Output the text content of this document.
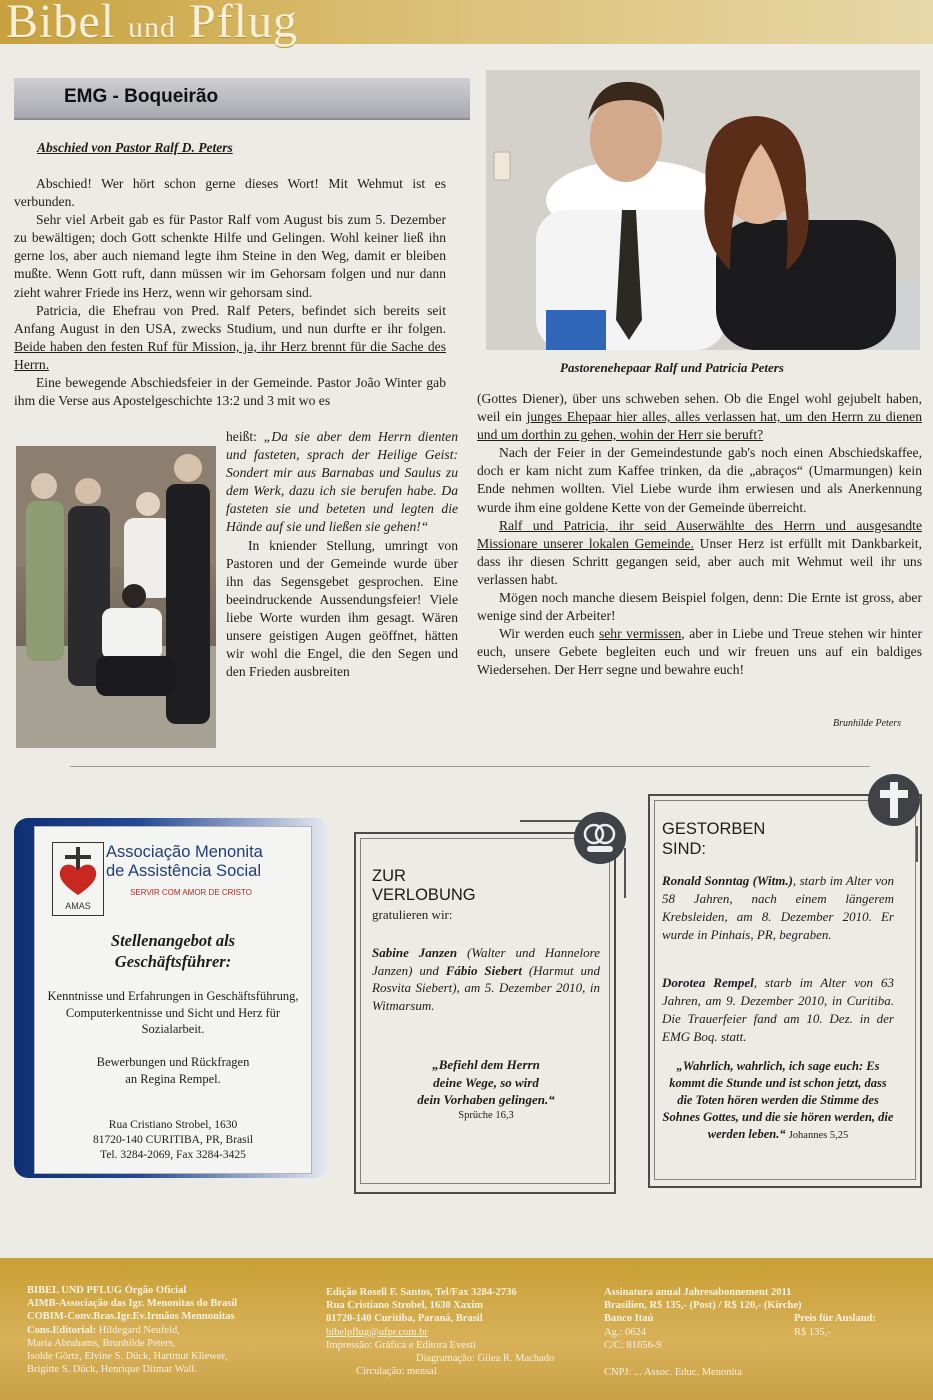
Bibel und Pflug
EMG - Boqueirão
Abschied von Pastor Ralf D. Peters

Abschied! Wer hört schon gerne dieses Wort! Mit Wehmut ist es verbunden.

Sehr viel Arbeit gab es für Pastor Ralf vom August bis zum 5. Dezember zu bewältigen; doch Gott schenkte Hilfe und Gelingen. Wohl keiner ließ ihn gerne los, aber auch niemand legte ihm Steine in den Weg, damit er bleiben mußte. Wenn Gott ruft, dann müssen wir im Gehorsam folgen und nur dann zieht wahrer Friede ins Herz, wenn wir gehorsam sind.

Patricia, die Ehefrau von Pred. Ralf Peters, befindet sich bereits seit Anfang August in den USA, zwecks Studium, und nun durfte er ihr folgen. Beide haben den festen Ruf für Mission, ja, ihr Herz brennt für die Sache des Herrn.

Eine bewegende Abschiedsfeier in der Gemeinde. Pastor João Winter gab ihm die Verse aus Apostelgeschichte 13:2 und 3 mit wo es

heißt: „Da sie aber dem Herrn dienten und fasteten, sprach der Heilige Geist: Sondert mir aus Barnabas und Saulus zu dem Werk, dazu ich sie berufen habe. Da fasteten sie und beteten und legten die Hände auf sie und ließen sie gehen!“

In kniender Stellung, umringt von Pastoren und der Gemeinde wurde über ihn das Segensgebet gesprochen. Eine beeindruckende Aussendungsfeier! Viele liebe Worte wurden ihm gesagt. Wären unsere geistigen Augen geöffnet, hätten wir wohl die Engel, die den Segen und den Frieden ausbreiten

Pastorenehepaar Ralf und Patricia Peters

(Gottes Diener), über uns schweben sehen. Ob die Engel wohl gejubelt haben, weil ein junges Ehepaar hier alles, alles verlassen hat, um den Herrn zu dienen und um dorthin zu gehen, wohin der Herr sie beruft?

Nach der Feier in der Gemeindestunde gab's noch einen Abschiedskaffee, doch er kam nicht zum Kaffee trinken, da die „abraços“ (Umarmungen) kein Ende nehmen wollten. Viel Liebe wurde ihm erwiesen und als Anerkennung wurde ihm eine goldene Kette von der Gemeinde überreicht.

Ralf und Patricia, ihr seid Auserwählte des Herrn und ausgesandte Missionare unserer lokalen Gemeinde. Unser Herz ist erfüllt mit Dankbarkeit, dass ihr diesen Schritt gegangen seid, aber auch mit Wehmut weil ihr uns verlassen habt.

Mögen noch manche diesem Beispiel folgen, denn: Die Ernte ist gross, aber wenige sind der Arbeiter!

Wir werden euch sehr vermissen, aber in Liebe und Treue stehen wir hinter euch, unsere Gebete begleiten euch und wir freuen uns auf ein baldiges Wiedersehen. Der Herr segne und bewahre euch!

Brunhilde Peters
AMAS
Associação Menonita
de Assistência Social
SERVIR COM AMOR DE CRISTO
Stellenangebot als
Geschäftsführer:
Kenntnisse und Erfahrungen in Geschäftsführung, Computerkentnisse und Sicht und Herz für Sozialarbeit.
Bewerbungen und Rückfragen
an Regina Rempel.
Rua Cristiano Strobel, 1630
81720-140 CURITIBA, PR, Brasil
Tel. 3284-2069, Fax 3284-3425
ZUR
VERLOBUNG
gratulieren wir:
Sabine Janzen (Walter und Hannelore Janzen) und Fábio Siebert (Harmut und Rosvita Siebert), am 5. Dezember 2010, in Witmarsum.
„Befiehl dem Herrn
deine Wege, so wird
dein Vorhaben gelingen.“
Sprüche 16,3
GESTORBEN
SIND:
Ronald Sonntag (Witm.), starb im Alter von 58 Jahren, nach einem längerem Krebsleiden, am 8. Dezember 2010. Er wurde in Pinhais, PR, begraben.
Dorotea Rempel, starb im Alter von 63 Jahren, am 9. Dezember 2010, in Curitiba. Die Trauerfeier fand am 10. Dez. in der EMG Boq. statt.
„Wahrlich, wahrlich, ich sage euch: Es kommt die Stunde und ist schon jetzt, dass die Toten hören werden die Stimme des Sohnes Gottes, und die sie hören werden, die werden leben.“ Johannes 5,25
BIBEL UND PFLUG Órgão Oficial
AIMB-Associação das Igr. Menonitas do Brasil
COBIM-Conv.Bras.Igr.Ev.Irmãos Mennonitas
Cons.Editorial: Hildegard Neufeld,
Maria Abrahams, Brunhilde Peters,
Isolde Görtz, Elvine S. Dück, Hartmut Kliewer,
Brigitte S. Dück, Henrique Ditmar Wall.
Edição Rosell F. Santos, Tel/Fax 3284-2736
Rua Cristiano Strobel, 1630 Xaxim
81720-140 Curitiba, Paraná, Brasil
bibelpflug@ufpr.com.br
Impressão: Gráfica e Editora Evesti
Diagramação: Gilea R. Machado
Circulação: mensal
Assinatura anual Jahresabonnement 2011
Brasilien, R$ 135,- (Post) / R$ 120,- (Kirche)
Banco Itaú	Preis für Ausland:
Ag.: 0624	R$ 135,-
C/C: 81656-9
CNPJ: ... Assoc. Educ. Menonita
